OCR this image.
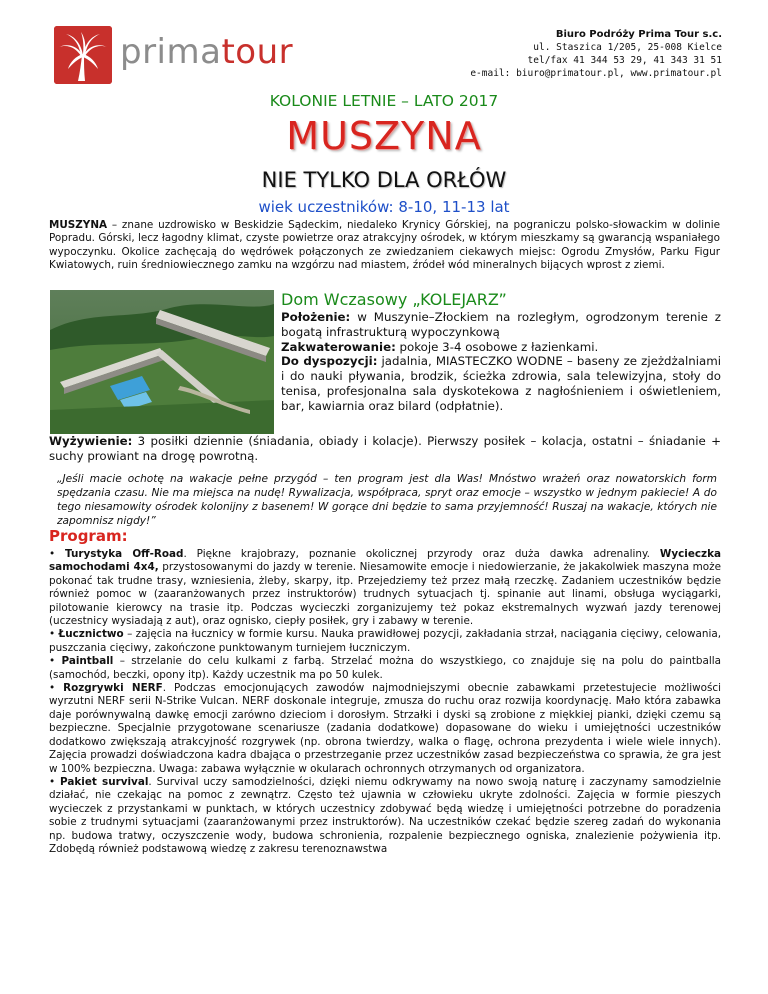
primatour	Biuro Podróży Prima Tour s.c.
ul. Staszica 1/205, 25-008 Kielce
tel/fax 41 344 53 29, 41 343 31 51
e-mail: biuro@primatour.pl, www.primatour.pl
KOLONIE LETNIE – LATO 2017
MUSZYNA
NIE TYLKO DLA ORŁÓW
wiek uczestników: 8-10, 11-13 lat
MUSZYNA – znane uzdrowisko w Beskidzie Sądeckim, niedaleko Krynicy Górskiej, na pograniczu polsko-słowackim w dolinie Popradu. Górski, lecz łagodny klimat, czyste powietrze oraz atrakcyjny ośrodek, w którym mieszkamy są gwarancją wspaniałego wypoczynku. Okolice zachęcają do wędrówek połączonych ze zwiedzaniem ciekawych miejsc: Ogrodu Zmysłów, Parku Figur Kwiatowych, ruin średniowiecznego zamku na wzgórzu nad miastem, źródeł wód mineralnych bijących wprost z ziemi.
Dom Wczasowy „KOLEJARZ”
Położenie: w Muszynie–Złockiem na rozległym, ogrodzonym terenie z bogatą infrastrukturą wypoczynkową
Zakwaterowanie: pokoje 3-4 osobowe z łazienkami.
Do dyspozycji: jadalnia, MIASTECZKO WODNE – baseny ze zjeżdżalniami i do nauki pływania, brodzik, ścieżka zdrowia, sala telewizyjna, stoły do tenisa, profesjonalna sala dyskotekowa z nagłośnieniem i oświetleniem, bar, kawiarnia oraz bilard (odpłatnie).
Wyżywienie: 3 posiłki dziennie (śniadania, obiady i kolacje). Pierwszy posiłek – kolacja, ostatni – śniadanie + suchy prowiant na drogę powrotną.
„Jeśli macie ochotę na wakacje pełne przygód – ten program jest dla Was! Mnóstwo wrażeń oraz nowatorskich form spędzania czasu. Nie ma miejsca na nudę! Rywalizacja, współpraca, spryt oraz emocje – wszystko w jednym pakiecie! A do tego niesamowity ośrodek kolonijny z basenem! W gorące dni będzie to sama przyjemność! Ruszaj na wakacje, których nie zapomnisz nigdy!”
Program:

• Turystyka Off-Road. Piękne krajobrazy, poznanie okolicznej przyrody oraz duża dawka adrenaliny. Wycieczka samochodami 4x4, przystosowanymi do jazdy w terenie. Niesamowite emocje i niedowierzanie, że jakakolwiek maszyna może pokonać tak trudne trasy, wzniesienia, żleby, skarpy, itp. Przejedziemy też przez małą rzeczkę. Zadaniem uczestników będzie również pomoc w (zaaranżowanych przez instruktorów) trudnych sytuacjach tj. spinanie aut linami, obsługa wyciągarki, pilotowanie kierowcy na trasie itp. Podczas wycieczki zorganizujemy też pokaz ekstremalnych wyzwań jazdy terenowej (uczestnicy wysiadają z aut), oraz ognisko, ciepły posiłek, gry i zabawy w terenie.

• Łucznictwo – zajęcia na łucznicy w formie kursu. Nauka prawidłowej pozycji, zakładania strzał, naciągania cięciwy, celowania, puszczania cięciwy, zakończone punktowanym turniejem łuczniczym.

• Paintball – strzelanie do celu kulkami z farbą. Strzelać można do wszystkiego, co znajduje się na polu do paintballa (samochód, beczki, opony itp). Każdy uczestnik ma po 50 kulek.

• Rozgrywki NERF. Podczas emocjonujących zawodów najmodniejszymi obecnie zabawkami przetestujecie możliwości wyrzutni NERF serii N-Strike Vulcan. NERF doskonale integruje, zmusza do ruchu oraz rozwija koordynację. Mało która zabawka daje porównywalną dawkę emocji zarówno dzieciom i dorosłym. Strzałki i dyski są zrobione z miękkiej pianki, dzięki czemu są bezpieczne. Specjalnie przygotowane scenariusze (zadania dodatkowe) dopasowane do wieku i umiejętności uczestników dodatkowo zwiększają atrakcyjność rozgrywek (np. obrona twierdzy, walka o flagę, ochrona prezydenta i wiele wiele innych). Zajęcia prowadzi doświadczona kadra dbająca o przestrzeganie przez uczestników zasad bezpieczeństwa co sprawia, że gra jest w 100% bezpieczna. Uwaga: zabawa wyłącznie w okularach ochronnych otrzymanych od organizatora.

• Pakiet survival. Survival uczy samodzielności, dzięki niemu odkrywamy na nowo swoją naturę i zaczynamy samodzielnie działać, nie czekając na pomoc z zewnątrz. Często też ujawnia w człowieku ukryte zdolności. Zajęcia w formie pieszych wycieczek z przystankami w punktach, w których uczestnicy zdobywać będą wiedzę i umiejętności potrzebne do poradzenia sobie z trudnymi sytuacjami (zaaranżowanymi przez instruktorów). Na uczestników czekać będzie szereg zadań do wykonania np. budowa tratwy, oczyszczenie wody, budowa schronienia, rozpalenie bezpiecznego ogniska, znalezienie pożywienia itp. Zdobędą również podstawową wiedzę z zakresu terenoznawstwa
